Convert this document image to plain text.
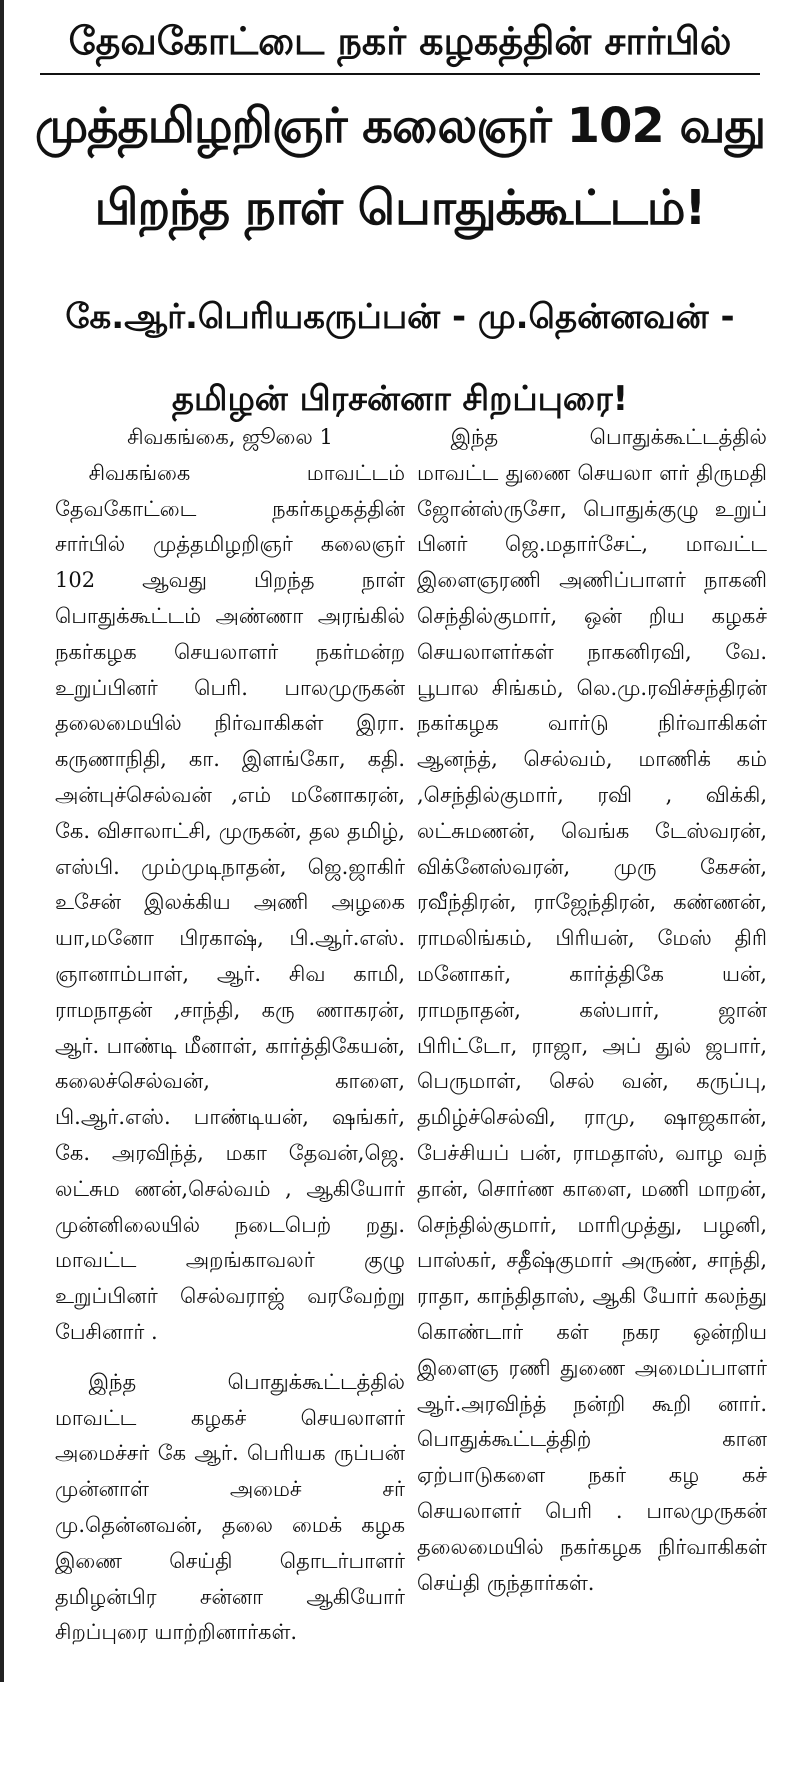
தேவகோட்டை நகர் கழகத்தின் சார்பில்
முத்தமிழறிஞர் கலைஞர் 102 வது
பிறந்த நாள் பொதுக்கூட்டம்!
கே.ஆர்.பெரியகருப்பன் - மு.தென்னவன் -
தமிழன் பிரசன்னா சிறப்புரை!

சிவகங்கை, ஜூலை 1

சிவகங்கை மாவட்டம் தேவகோட்டை நகர்கழகத்தின் சார்பில் முத்தமிழறிஞர் கலைஞர் 102 ஆவது பிறந்த நாள் பொதுக்கூட்டம் அண்ணா அரங்கில் நகர்கழக செயலாளர் நகர்மன்ற உறுப்பினர் பெரி. பாலமுருகன் தலைமையில் நிர்வாகிகள் இரா. கருணாநிதி, கா. இளங்கோ, கதி. அன்புச்செல்வன் ,எம் மனோகரன், கே. விசாலாட்சி, முருகன், தல தமிழ், எஸ்பி. மும்முடிநாதன், ஜெ.ஜாகிர் உசேன் இலக்கிய அணி அழகை யா,மனோ பிரகாஷ், பி.ஆர்.எஸ். ஞானாம்பாள், ஆர். சிவ காமி, ராமநாதன் ,சாந்தி, கரு ணாகரன், ஆர். பாண்டி மீனாள், கார்த்திகேயன், கலைச்செல்வன், காளை, பி.ஆர்.எஸ். பாண்டியன், ஷங்கர், கே. அரவிந்த், மகா தேவன்,ஜெ. லட்சும ணன்,செல்வம் , ஆகியோர் முன்னிலையில் நடைபெற் றது. மாவட்ட அறங்காவலர் குழு உறுப்பினர் செல்வராஜ் வரவேற்று பேசினார் .

இந்த பொதுக்கூட்டத்தில் மாவட்ட கழகச் செயலாளர் அமைச்சர் கே ஆர். பெரியக ருப்பன் முன்னாள் அமைச் சர் மு.தென்னவன், தலை மைக் கழக இணை செய்தி தொடர்பாளர் தமிழன்பிர சன்னா ஆகியோர் சிறப்புரை யாற்றினார்கள்.

இந்த பொதுக்கூட்டத்தில் மாவட்ட துணை செயலா ளர் திருமதி ஜோன்ஸ்ருசோ, பொதுக்குழு உறுப் பினர் ஜெ.மதார்சேட், மாவட்ட இளைஞரணி அணிப்பாளர் நாகனி செந்தில்குமார், ஒன் றிய கழகச் செயலாளர்கள் நாகனிரவி, வே. பூபால சிங்கம், லெ.மு.ரவிச்சந்திரன் நகர்கழக வார்டு நிர்வாகிகள் ஆனந்த், செல்வம், மாணிக் கம் ,செந்தில்குமார், ரவி , விக்கி, லட்சுமணன், வெங்க டேஸ்வரன், விக்னேஸ்வரன், முரு கேசன், ரவீந்திரன், ராஜேந்திரன், கண்ணன், ராமலிங்கம், பிரியன், மேஸ் திரி மனோகர், கார்த்திகே யன், ராமநாதன், கஸ்பார், ஜான் பிரிட்டோ, ராஜா, அப் துல் ஜபார், பெருமாள், செல் வன், கருப்பு, தமிழ்ச்செல்வி, ராமு, ஷாஜகான், பேச்சியப் பன், ராமதாஸ், வாழ வந் தான், சொர்ண காளை, மணி மாறன், செந்தில்குமார், மாரிமுத்து, பழனி, பாஸ்கர், சதீஷ்குமார் அருண், சாந்தி, ராதா, காந்திதாஸ், ஆகி யோர் கலந்து கொண்டார் கள் நகர ஒன்றிய இளைஞ ரணி துணை அமைப்பாளர் ஆர்.அரவிந்த் நன்றி கூறி னார். பொதுக்கூட்டத்திற் கான ஏற்பாடுகளை நகர் கழ கச் செயலாளர் பெரி . பாலமுருகன் தலைமையில் நகர்கழக நிர்வாகிகள் செய்தி ருந்தார்கள்.
